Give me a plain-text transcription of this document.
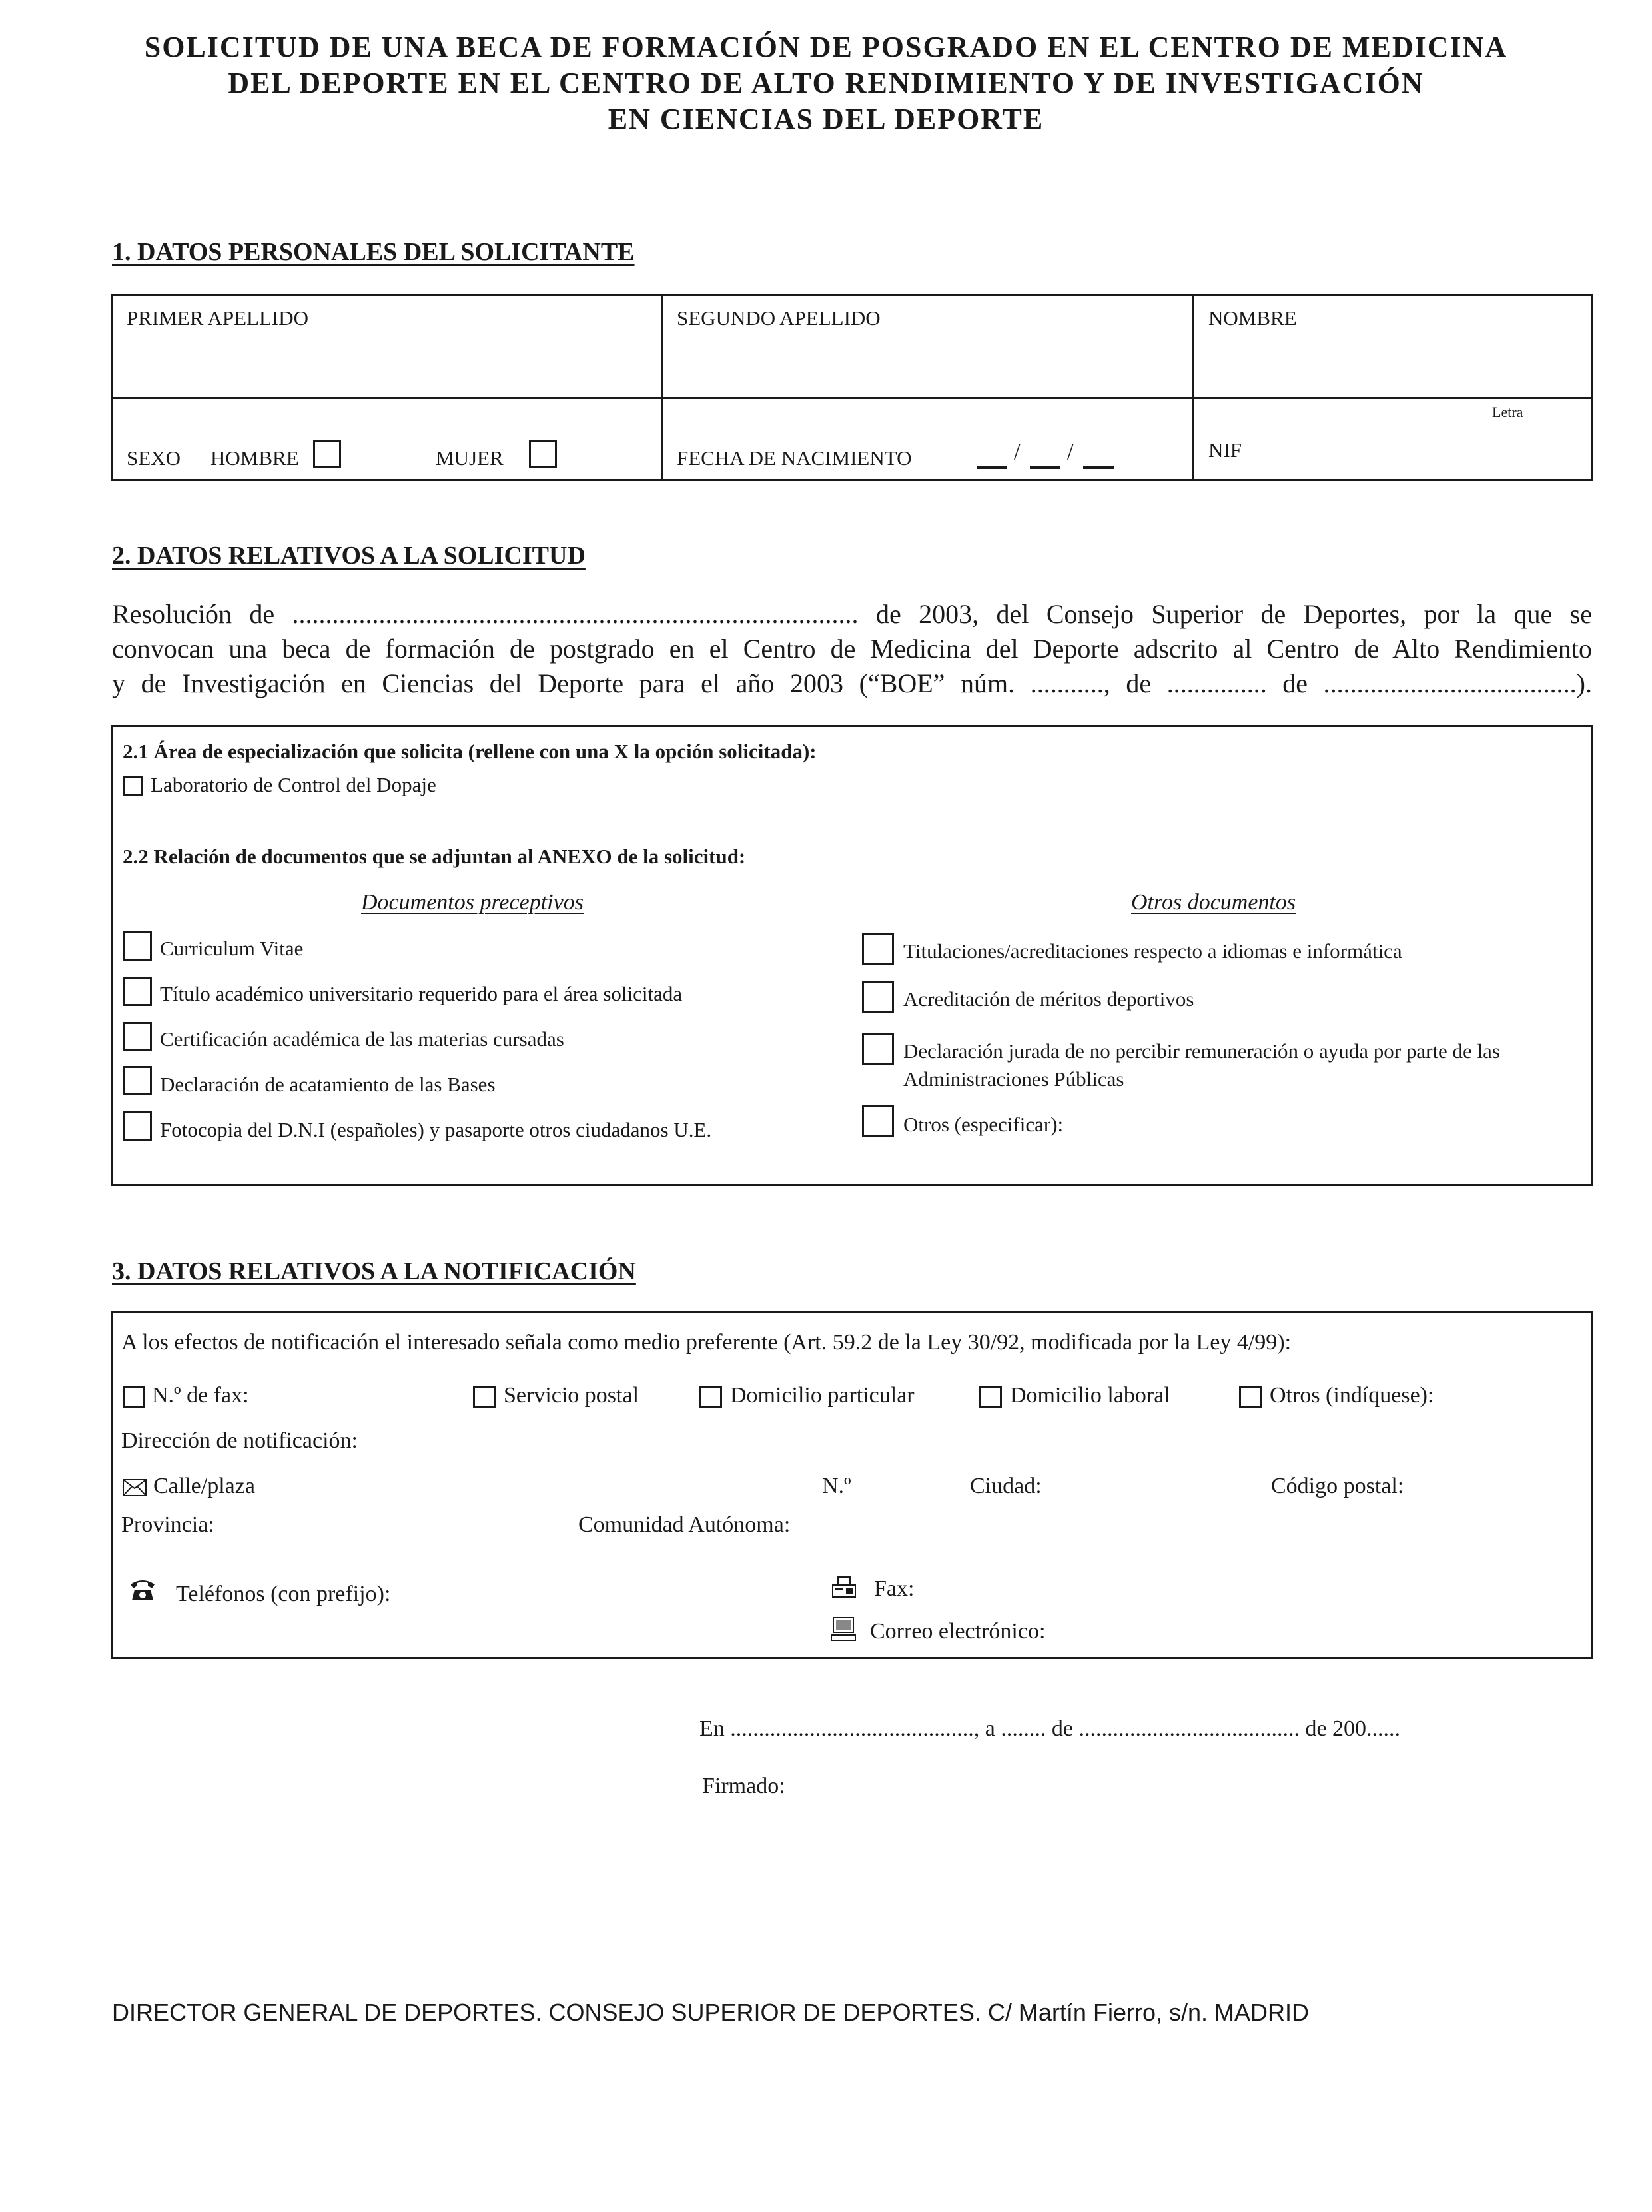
SOLICITUD DE UNA BECA DE FORMACIÓN DE POSGRADO EN EL CENTRO DE MEDICINA
DEL DEPORTE EN EL CENTRO DE ALTO RENDIMIENTO Y DE INVESTIGACIÓN
EN CIENCIAS DEL DEPORTE
1. DATOS PERSONALES DEL SOLICITANTE
PRIMER APELLIDO	SEGUNDO APELLIDO	NOMBRE
SEXO HOMBRE	MUJER	FECHA DE NACIMIENTO	/ /
Letra
NIF
2. DATOS RELATIVOS A LA SOLICITUD
Resolución de ..................................................................................... de 2003, del Consejo Superior de Deportes, por la que se
convocan una beca de formación de postgrado en el Centro de Medicina del Deporte adscrito al Centro de Alto Rendimiento
y de Investigación en Ciencias del Deporte para el año 2003 (“BOE” núm. ..........., de ............... de ......................................).
2.1 Área de especialización que solicita (rellene con una X la opción solicitada):
Laboratorio de Control del Dopaje
2.2 Relación de documentos que se adjuntan al ANEXO de la solicitud:
Documentos preceptivos	Otros documentos
Curriculum Vitae
Título académico universitario requerido para el área solicitada
Certificación académica de las materias cursadas
Declaración de acatamiento de las Bases
Fotocopia del D.N.I (españoles) y pasaporte otros ciudadanos U.E.
Titulaciones/acreditaciones respecto a idiomas e informática
Acreditación de méritos deportivos
Declaración jurada de no percibir remuneración o ayuda por parte de las
Administraciones Públicas
Otros (especificar):
3. DATOS RELATIVOS A LA NOTIFICACIÓN
A los efectos de notificación el interesado señala como medio preferente (Art. 59.2 de la Ley 30/92, modificada por la Ley 4/99):
N.º de fax:	Servicio postal	Domicilio particular	Domicilio laboral	Otros (indíquese):
Dirección de notificación:
Calle/plaza	N.º	Ciudad:	Código postal:
Provincia:	Comunidad Autónoma:
Teléfonos (con prefijo):	Fax:
Correo electrónico:
En ..........................................., a ........ de ....................................... de 200......
Firmado:
DIRECTOR GENERAL DE DEPORTES. CONSEJO SUPERIOR DE DEPORTES. C/ Martín Fierro, s/n. MADRID
